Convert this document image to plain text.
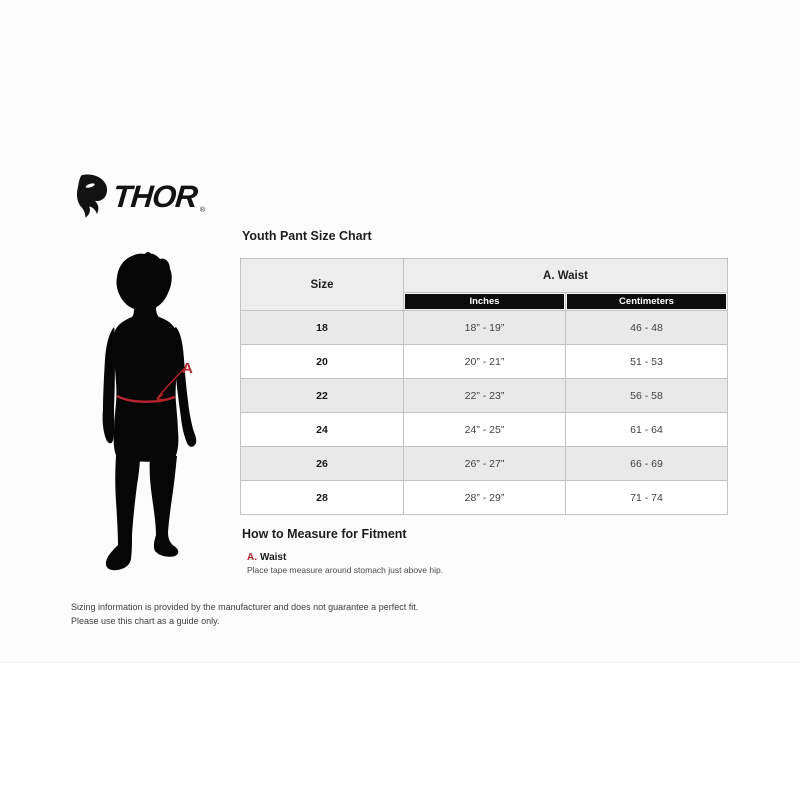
THOR ®
A
Youth Pant Size Chart
Size	A. Waist	

	Inches	Centimeters

18	18” - 19”	46 - 48
20	20” - 21”	51 - 53
22	22” - 23”	56 - 58
24	24” - 25”	61 - 64
26	26” - 27”	66 - 69
28	28” - 29”	71 - 74
How to Measure for Fitment
A. Waist
Place tape measure around stomach just above hip.
Sizing information is provided by the manufacturer and does not guarantee a perfect fit.
Please use this chart as a guide only.
